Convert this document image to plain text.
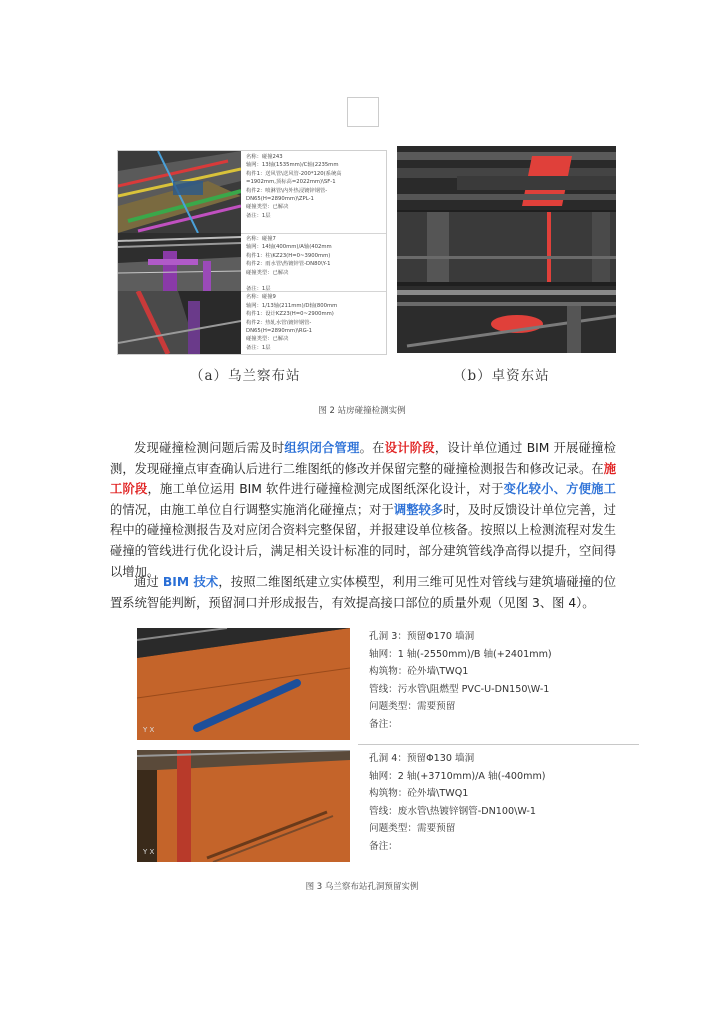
名称：碰撞243
轴网：13轴(1535mm)/C轴(2235mm
构件1：送风管\送风管-200*120(系统高
=1902mm,顶标高=2022mm)\SF-1
构件2：喷淋管\内外热浸镀锌钢管-
DN65(H=2890mm)\ZPL-1
碰撞类型：已解决
备注：1层
名称：碰撞7
轴网：14轴(400mm)/A轴(402mm
构件1：柱\KZ23(H=0~3900mm)
构件2：雨水管\热镀锌管-DN80\Y-1
碰撞类型：已解决
备注：1层
名称：碰撞9
轴网：1/13轴(211mm)/D轴(800mm
构件1：设计KZ23(H=0~2900mm)
构件2：热轧水管\镀锌钢管-
DN65(H=2890mm)\RG-1
碰撞类型：已解决
备注：1层
（a）乌兰察布站	（b）卓资东站
图 2 站房碰撞检测实例
发现碰撞检测问题后需及时组织闭合管理。在设计阶段，设计单位通过 BIM 开展碰撞检测，发现碰撞点审查确认后进行二维图纸的修改并保留完整的碰撞检测报告和修改记录。在施工阶段，施工单位运用 BIM 软件进行碰撞检测完成图纸深化设计，对于变化较小、方便施工的情况，由施工单位自行调整实施消化碰撞点；对于调整较多时，及时反馈设计单位完善，过程中的碰撞检测报告及对应闭合资料完整保留，并报建设单位核备。按照以上检测流程对发生碰撞的管线进行优化设计后，满足相关设计标准的同时，部分建筑管线净高得以提升，空间得以增加。
通过 BIM 技术，按照二维图纸建立实体模型，利用三维可见性对管线与建筑墙碰撞的位置系统智能判断，预留洞口并形成报告，有效提高接口部位的质量外观（见图 3、图 4）。
Y X
Y X
孔洞 3：预留Φ170 墙洞
轴网：1 轴(-2550mm)/B 轴(+2401mm)
构筑物：砼外墙\TWQ1
管线：污水管\阻燃型 PVC-U-DN150\W-1
问题类型：需要预留
备注：
孔洞 4：预留Φ130 墙洞
轴网：2 轴(+3710mm)/A 轴(-400mm)
构筑物：砼外墙\TWQ1
管线：废水管\热镀锌钢管-DN100\W-1
问题类型：需要预留
备注：
图 3 乌兰察布站孔洞预留实例
